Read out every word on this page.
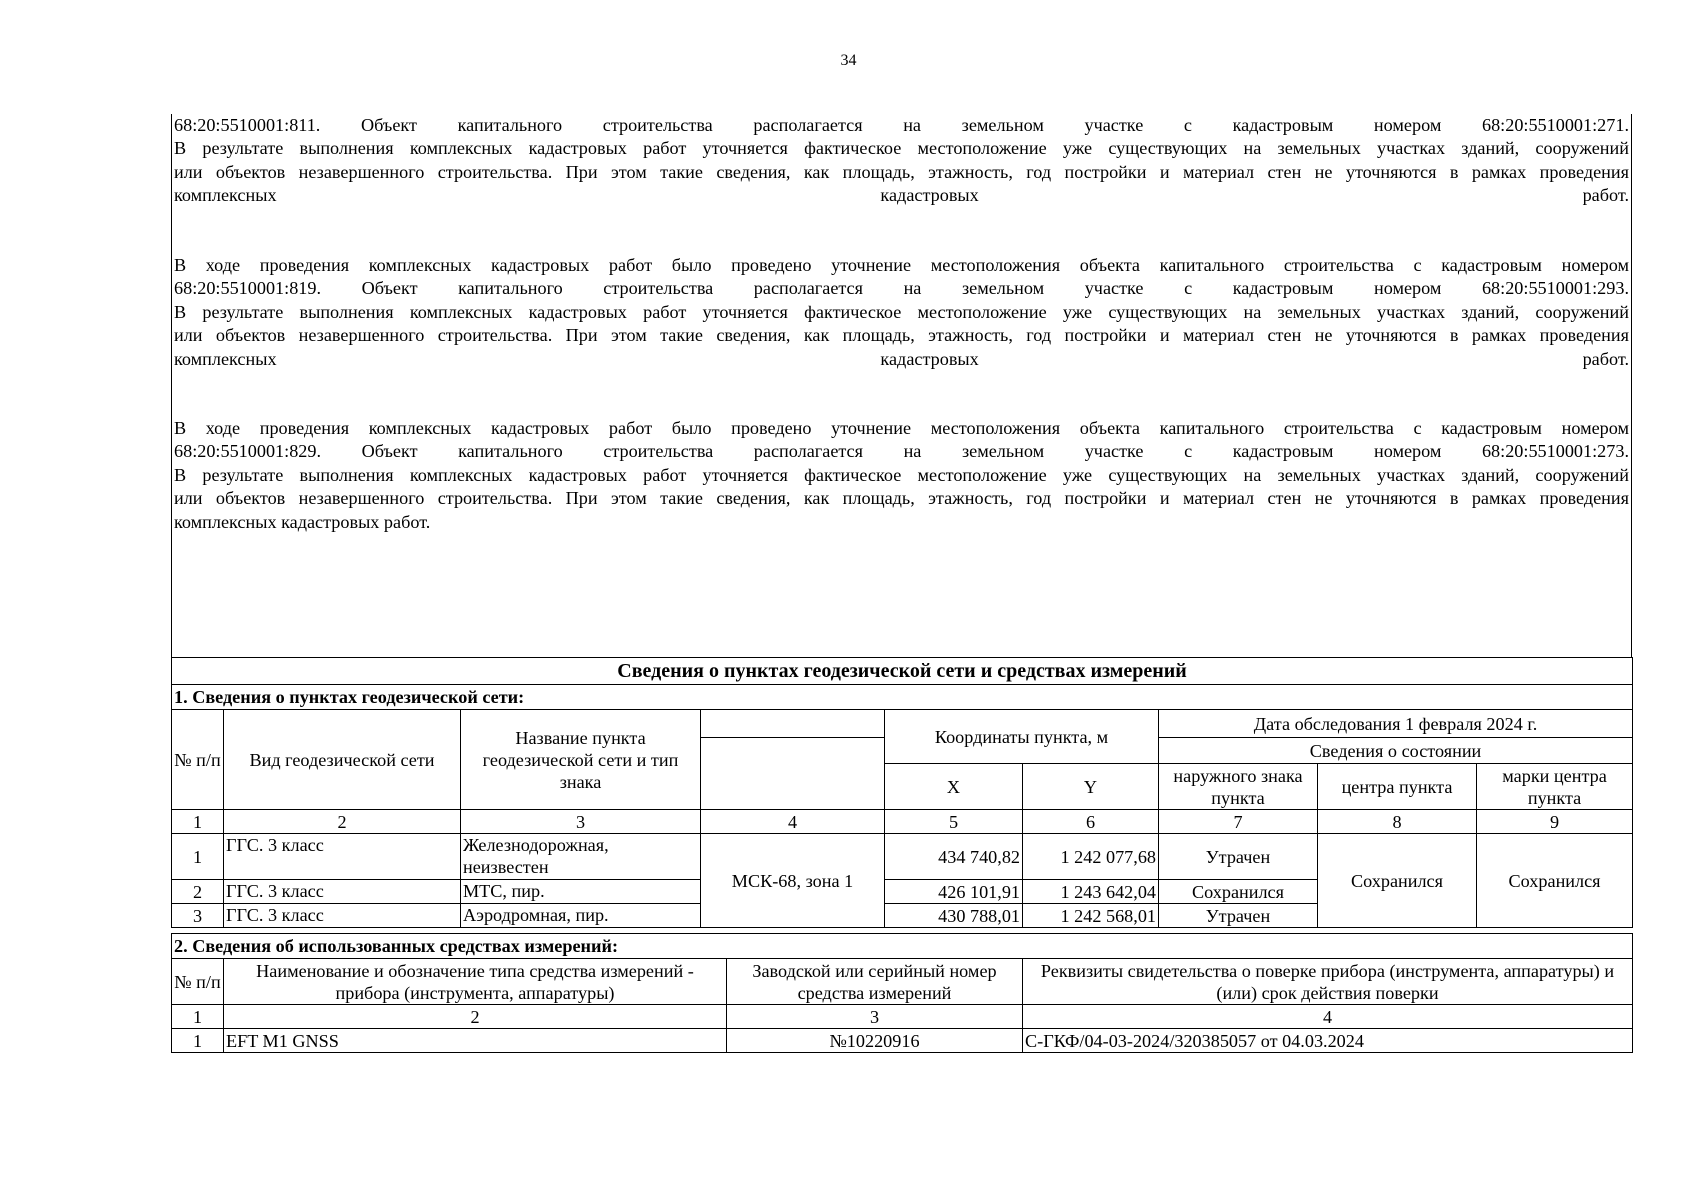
34
68:20:5510001:811. Объект капитального строительства располагается на земельном участке с кадастровым номером 68:20:5510001:271.
В результате выполнения комплексных кадастровых работ уточняется фактическое местоположение уже существующих на земельных участках зданий, сооружений
или объектов незавершенного строительства. При этом такие сведения, как площадь, этажность, год постройки и материал стен не уточняются в рамках проведения
комплексных кадастровых работ.
В ходе проведения комплексных кадастровых работ было проведено уточнение местоположения объекта капитального строительства с кадастровым номером
68:20:5510001:819. Объект капитального строительства располагается на земельном участке с кадастровым номером 68:20:5510001:293.
В результате выполнения комплексных кадастровых работ уточняется фактическое местоположение уже существующих на земельных участках зданий, сооружений
или объектов незавершенного строительства. При этом такие сведения, как площадь, этажность, год постройки и материал стен не уточняются в рамках проведения
комплексных кадастровых работ.
В ходе проведения комплексных кадастровых работ было проведено уточнение местоположения объекта капитального строительства с кадастровым номером
68:20:5510001:829. Объект капитального строительства располагается на земельном участке с кадастровым номером 68:20:5510001:273.
В результате выполнения комплексных кадастровых работ уточняется фактическое местоположение уже существующих на земельных участках зданий, сооружений
или объектов незавершенного строительства. При этом такие сведения, как площадь, этажность, год постройки и материал стен не уточняются в рамках проведения
комплексных кадастровых работ.
Сведения о пунктах геодезической сети и средствах измерений								
1. Сведения о пунктах геодезической сети:								
№ п/п	Вид геодезической сети	Название пункта геодезической сети и тип знака		Координаты пункта, м		Дата обследования 1 февраля 2024 г.		
						Сведения о состоянии		
				X	Y	наружного знака пункта	центра пункта	марки центра пункта
1	2	3	4	5	6	7	8	9
1	ГГС. 3 класс	Железнодорожная, неизвестен	МСК-68, зона 1	434 740,82	1 242 077,68	Утрачен	Сохранился	Сохранился
2	ГГС. 3 класс	МТС, пир.		426 101,91	1 243 642,04	Сохранился		
3	ГГС. 3 класс	Аэродромная, пир.		430 788,01	1 242 568,01	Утрачен		
2. Сведения об использованных средствах измерений:			
№ п/п	Наименование и обозначение типа средства измерений - прибора (инструмента, аппаратуры)	Заводской или серийный номер средства измерений	Реквизиты свидетельства о поверке прибора (инструмента, аппаратуры) и (или) срок действия поверки
1	2	3	4
1	EFT M1 GNSS	№10220916	С-ГКФ/04-03-2024/320385057 от 04.03.2024
